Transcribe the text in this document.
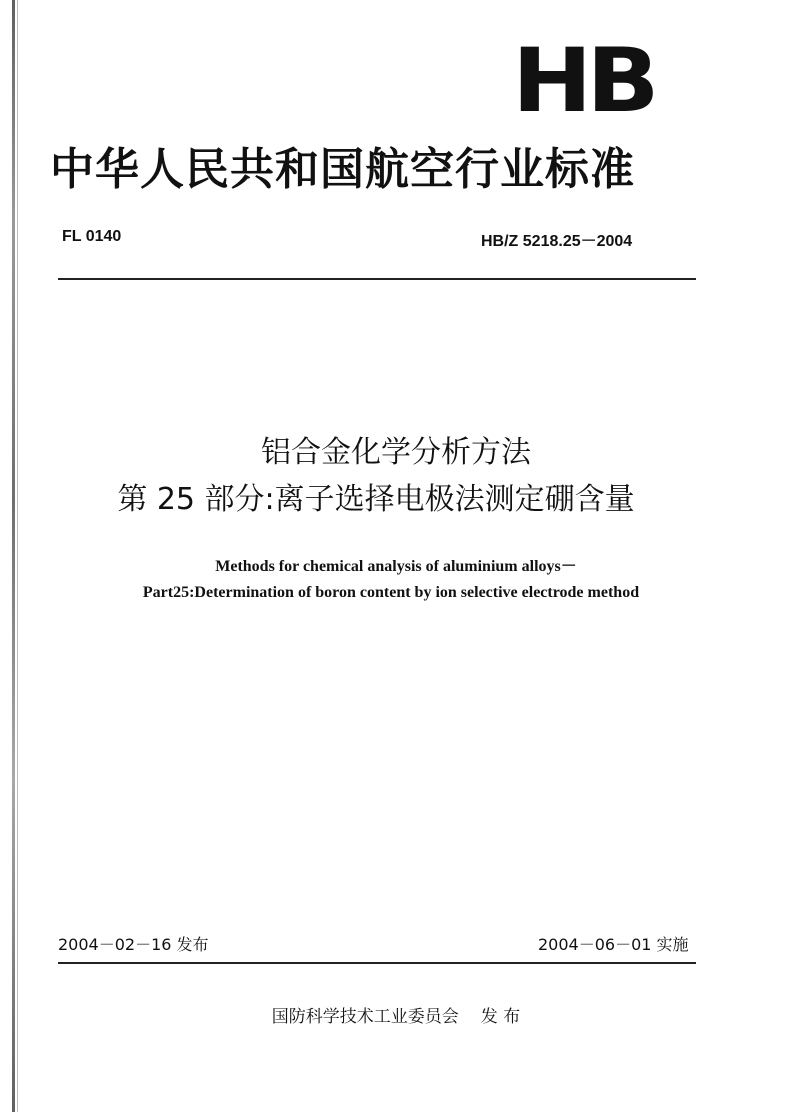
HB
中华人民共和国航空行业标准
FL 0140	HB/Z 5218.25－2004
铝合金化学分析方法
第 25 部分:离子选择电极法测定硼含量
Methods for chemical analysis of aluminium alloys－
Part25:Determination of boron content by ion selective electrode method
2004－02－16 发布	2004－06－01 实施
国防科学技术工业委员会 发 布
